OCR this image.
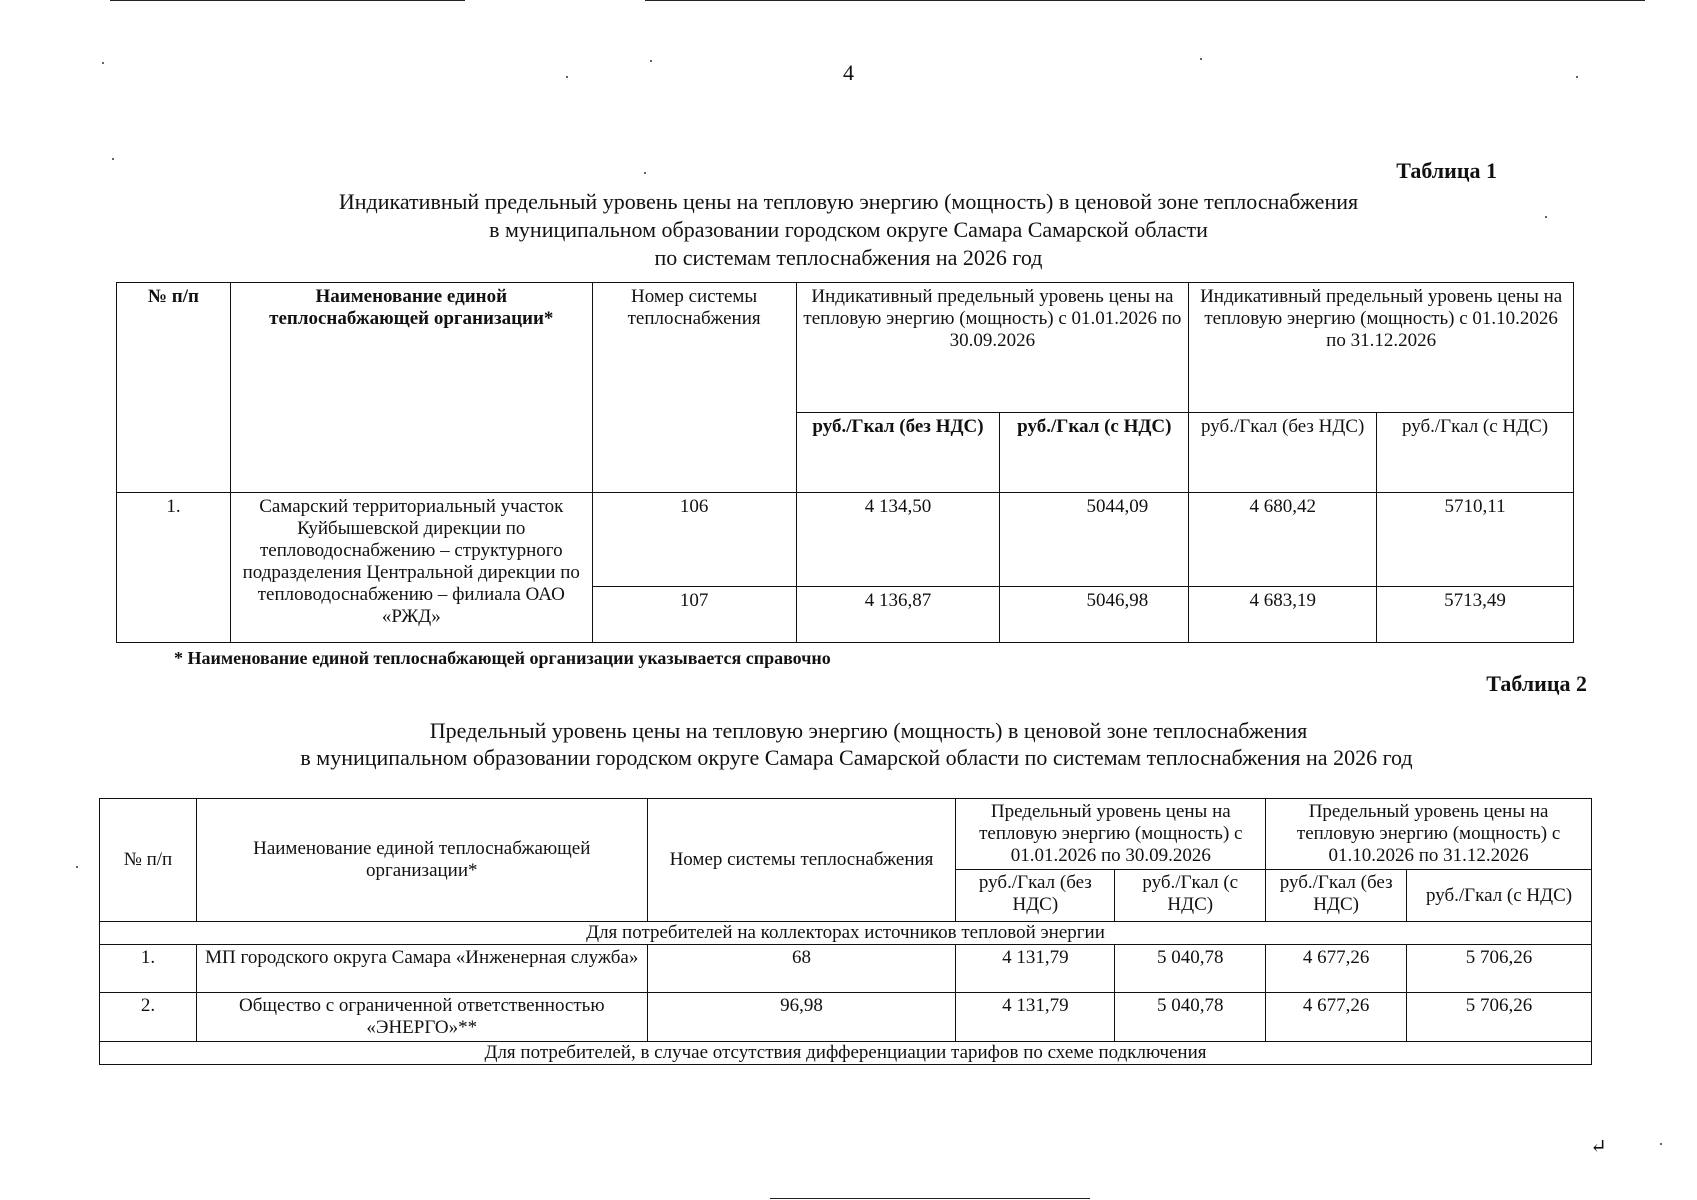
↵
4
Таблица 1
Индикативный предельный уровень цены на тепловую энергию (мощность) в ценовой зоне теплоснабжения
в муниципальном образовании городском округе Самара Самарской области
по системам теплоснабжения на 2026 год
№ п/п	Наименование единой теплоснабжающей организации*	Номер системы теплоснабжения	Индикативный предельный уровень цены на тепловую энергию (мощность) с 01.01.2026 по 30.09.2026		Индикативный предельный уровень цены на тепловую энергию (мощность) с 01.10.2026 по 31.12.2026	
			руб./Гкал (без НДС)	руб./Гкал (с НДС)	руб./Гкал (без НДС)	руб./Гкал (с НДС)
1.	Самарский территориальный участок Куйбышевской дирекции по тепловодоснабжению – структурного подразделения Центральной дирекции по тепловодоснабжению – филиала ОАО «РЖД»	106	4 134,50	5044,09	4 680,42	5710,11
		107	4 136,87	5046,98	4 683,19	5713,49
* Наименование единой теплоснабжающей организации указывается справочно
Таблица 2
Предельный уровень цены на тепловую энергию (мощность) в ценовой зоне теплоснабжения
в муниципальном образовании городском округе Самара Самарской области по системам теплоснабжения на 2026 год
№ п/п	Наименование единой теплоснабжающей организации*	Номер системы теплоснабжения	Предельный уровень цены на тепловую энергию (мощность) с 01.01.2026 по 30.09.2026		Предельный уровень цены на тепловую энергию (мощность) с 01.10.2026 по 31.12.2026	
			руб./Гкал (без НДС)	руб./Гкал (с НДС)	руб./Гкал (без НДС)	руб./Гкал (с НДС)
Для потребителей на коллекторах источников тепловой энергии						
1.	МП городского округа Самара «Инженерная служба»	68	4 131,79	5 040,78	4 677,26	5 706,26
2.	Общество с ограниченной ответственностью «ЭНЕРГО»**	96,98	4 131,79	5 040,78	4 677,26	5 706,26
Для потребителей, в случае отсутствия дифференциации тарифов по схеме подключения						
